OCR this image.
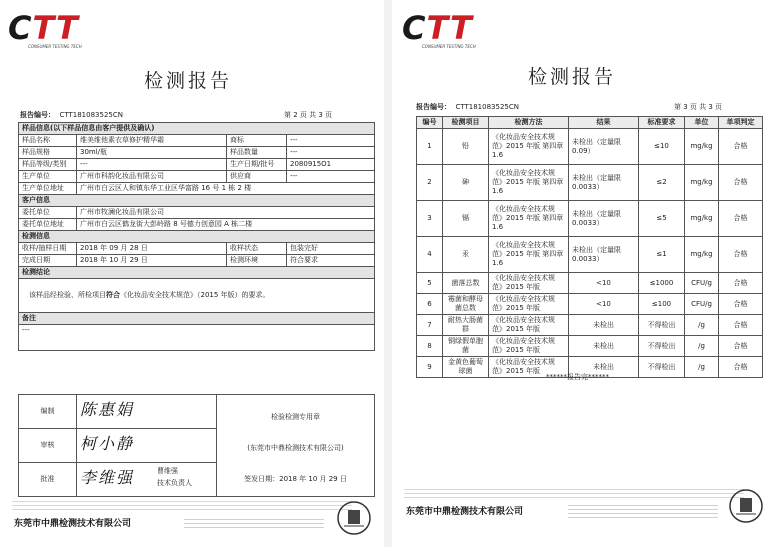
CTT
CONSUMER TESTING TECH
检测报告
报告编号： CTT181083525CN	第 2 页 共 3 页
样品信息(以下样品信息由客户提供及确认)			
样品名称	维美维他素衣草修护精华霜	商标	---
样品规格	30ml/瓶	样品数量	---
样品等级/类别	---	生产日期/批号	2080915O1
生产单位	广州市科韵化妆品有限公司	供应商	---
生产单位地址	广州市白云区人和镇东华工业区华富路 16 号 1 栋 2 楼		
客户信息			
委托单位	广州市牧澜化妆品有限公司		
委托单位地址	广州市白云区鹤龙街大彭岭路 8 号德力创意园 A 栋二楼		
检测信息			
收样/抽样日期	2018 年 09 月 28 日	收样状态	包装完好
完成日期	2018 年 10 月 29 日	检测环境	符合要求
检测结论			
该样品经检验、所检项目符合《化妆品安全技术规范》（2015 年版）的要求。			
备注			
---			
编制	陈惠娟	检验检测专用章
(东莞市中鼎检测技术有限公司)
签发日期：2018 年 10 月 29 日

审核	柯小静	
批准	李维强 曹维强
技术负责人	
东莞市中鼎检测技术有限公司
CTT
CONSUMER TESTING TECH
检测报告
报告编号： CTT181083525CN	第 3 页 共 3 页
编号	检测项目	检测方法	结果	标准要求	单位	单项判定
1	铅	《化妆品安全技术规范》2015 年版 第四章 1.6	未检出（定量限 0.09）	≤10	mg/kg	合格
2	砷	《化妆品安全技术规范》2015 年版 第四章 1.6	未检出（定量限 0.0033）	≤2	mg/kg	合格
3	镉	《化妆品安全技术规范》2015 年版 第四章 1.6	未检出（定量限 0.0033）	≤5	mg/kg	合格
4	汞	《化妆品安全技术规范》2015 年版 第四章 1.6	未检出（定量限 0.0033）	≤1	mg/kg	合格
5	菌落总数	《化妆品安全技术规范》2015 年版	<10	≤1000	CFU/g	合格
6	霉菌和酵母菌总数	《化妆品安全技术规范》2015 年版	<10	≤100	CFU/g	合格
7	耐热大肠菌群	《化妆品安全技术规范》2015 年版	未检出	不得检出	/g	合格
8	铜绿假单胞菌	《化妆品安全技术规范》2015 年版	未检出	不得检出	/g	合格
9	金黄色葡萄球菌	《化妆品安全技术规范》2015 年版	未检出	不得检出	/g	合格
******报告完******
东莞市中鼎检测技术有限公司
